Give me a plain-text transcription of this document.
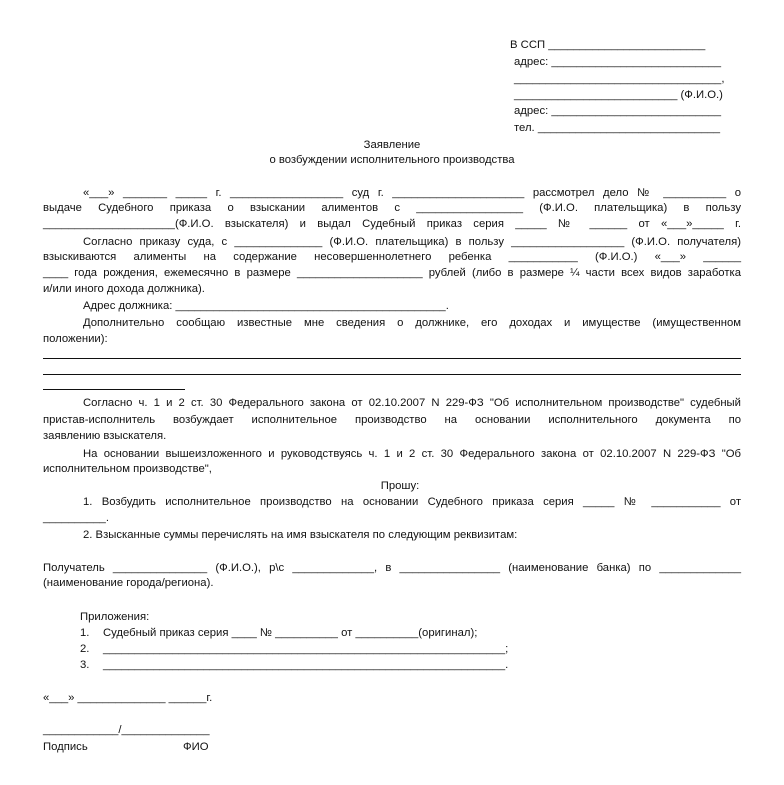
В ССП _________________________
адрес: ___________________________
_________________________________,
__________________________ (Ф.И.О.)
адрес: ___________________________
тел. _____________________________
Заявление
о возбуждении исполнительного производства
«___» _______ _____ г. __________________ суд г. _____________________ рассмотрел дело № __________ о
выдаче Судебного приказа о взыскании алиментов с _________________ (Ф.И.О. плательщика) в пользу
_____________________(Ф.И.О. взыскателя) и выдал Судебный приказ серия _____ № ______ от «___»_____ г.
Согласно приказу суда, с ______________ (Ф.И.О. плательщика) в пользу __________________ (Ф.И.О. получателя)
взыскиваются алименты на содержание несовершеннолетнего ребенка ___________ (Ф.И.О.) «___» ______
____ года рождения, ежемесячно в размере ____________________ рублей (либо в размере ¼ части всех видов заработка
и/или иного дохода должника).
Адрес должника: ___________________________________________.
Дополнительно сообщаю известные мне сведения о должнике, его доходах и имуществе (имущественном
положении):
Согласно ч. 1 и 2 ст. 30 Федерального закона от 02.10.2007 N 229-ФЗ "Об исполнительном производстве" судебный
пристав-исполнитель возбуждает исполнительное производство на основании исполнительного документа по
заявлению взыскателя.
На основании вышеизложенного и руководствуясь ч. 1 и 2 ст. 30 Федерального закона от 02.10.2007 N 229-ФЗ "Об
исполнительном производстве",
Прошу:
1. Возбудить исполнительное производство на основании Судебного приказа серия _____ № ___________ от
__________.
2. Взысканные суммы перечислять на имя взыскателя по следующим реквизитам:
Получатель _______________ (Ф.И.О.), р\с _____________, в ________________ (наименование банка) по _____________
(наименование города/региона).
Приложения:
1. Судебный приказ серия ____ № __________ от __________(оригинал);
2. ________________________________________________________________;
3. ________________________________________________________________.
«___» ______________ ______г.
____________/______________
Подпись	ФИО
